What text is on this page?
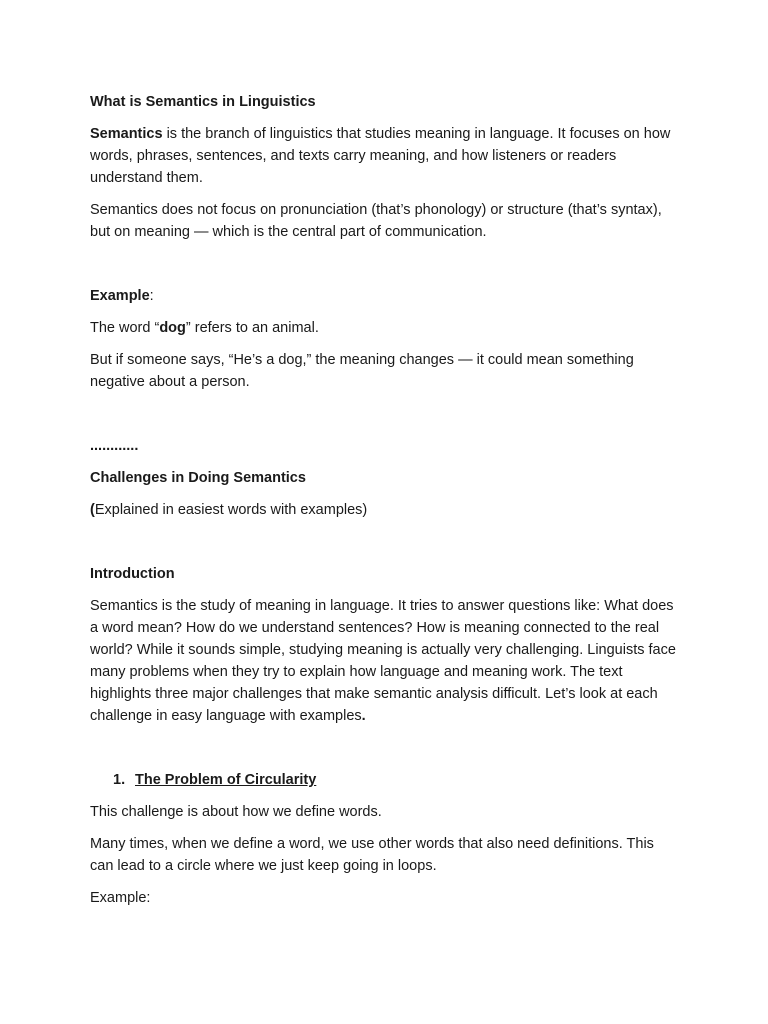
What is Semantics in Linguistics

Semantics is the branch of linguistics that studies meaning in language. It focuses on how words, phrases, sentences, and texts carry meaning, and how listeners or readers understand them.

Semantics does not focus on pronunciation (that’s phonology) or structure (that’s syntax), but on meaning — which is the central part of communication.

Example:

The word “dog” refers to an animal.

But if someone says, “He’s a dog,” the meaning changes — it could mean something negative about a person.

............

Challenges in Doing Semantics

(Explained in easiest words with examples)

Introduction

Semantics is the study of meaning in language. It tries to answer questions like: What does a word mean? How do we understand sentences? How is meaning connected to the real world? While it sounds simple, studying meaning is actually very challenging. Linguists face many problems when they try to explain how language and meaning work. The text highlights three major challenges that make semantic analysis difficult. Let’s look at each challenge in easy language with examples.

1. The Problem of Circularity

This challenge is about how we define words.

Many times, when we define a word, we use other words that also need definitions. This can lead to a circle where we just keep going in loops.

Example:
